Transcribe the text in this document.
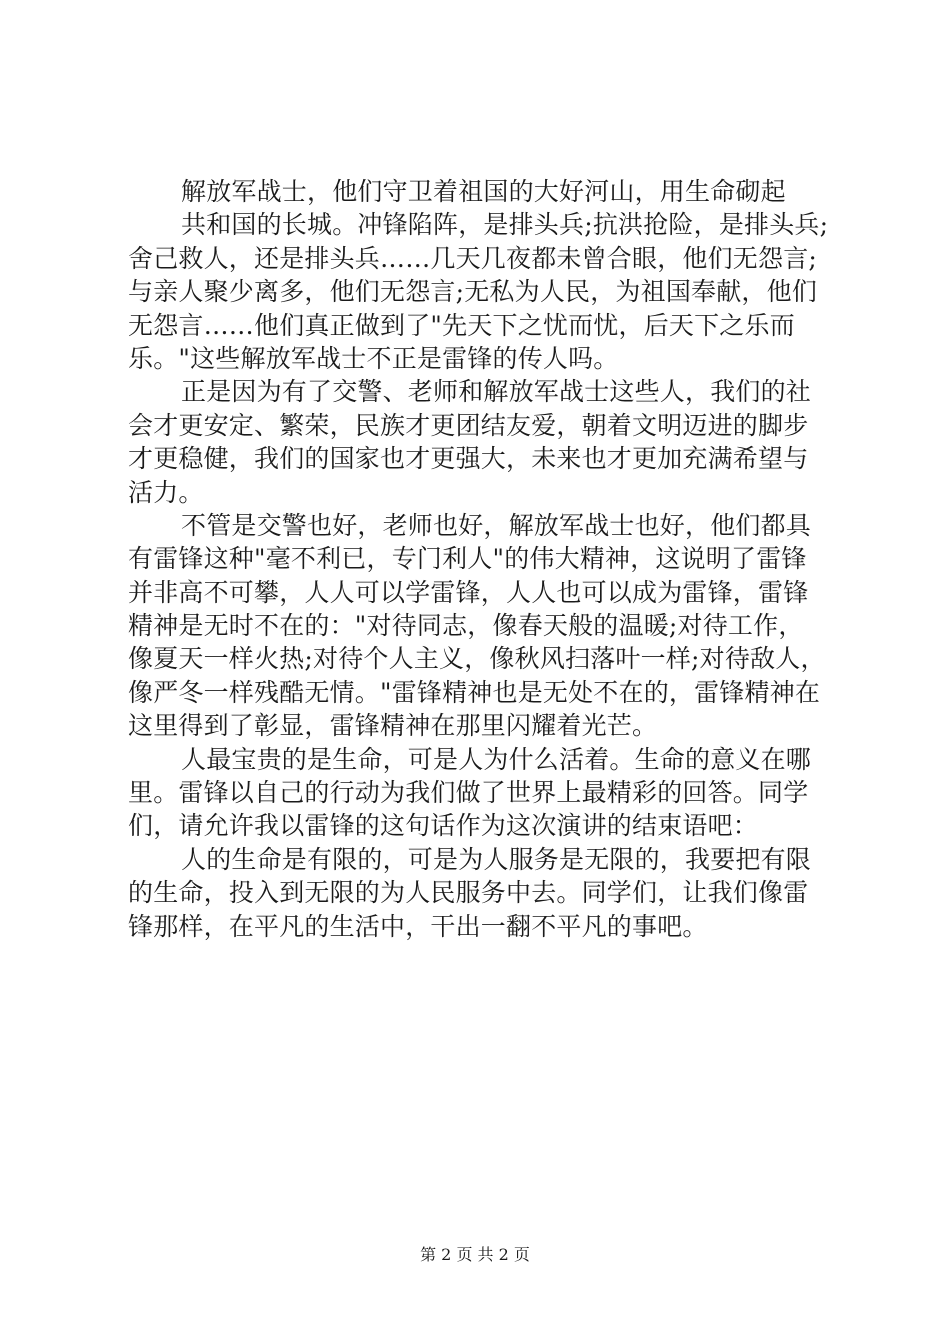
解放军战士，他们守卫着祖国的大好河山，用生命砌起
共和国的长城。冲锋陷阵，是排头兵;抗洪抢险，是排头兵;
舍己救人，还是排头兵……几天几夜都未曾合眼，他们无怨言;
与亲人聚少离多，他们无怨言;无私为人民，为祖国奉献，他们
无怨言……他们真正做到了"先天下之忧而忧，后天下之乐而
乐。"这些解放军战士不正是雷锋的传人吗。
正是因为有了交警、老师和解放军战士这些人，我们的社
会才更安定、繁荣，民族才更团结友爱，朝着文明迈进的脚步
才更稳健，我们的国家也才更强大，未来也才更加充满希望与
活力。
不管是交警也好，老师也好，解放军战士也好，他们都具
有雷锋这种"毫不利已，专门利人"的伟大精神，这说明了雷锋
并非高不可攀，人人可以学雷锋，人人也可以成为雷锋，雷锋
精神是无时不在的："对待同志，像春天般的温暖;对待工作，
像夏天一样火热;对待个人主义，像秋风扫落叶一样;对待敌人，
像严冬一样残酷无情。"雷锋精神也是无处不在的，雷锋精神在
这里得到了彰显，雷锋精神在那里闪耀着光芒。
人最宝贵的是生命，可是人为什么活着。生命的意义在哪
里。雷锋以自己的行动为我们做了世界上最精彩的回答。同学
们，请允许我以雷锋的这句话作为这次演讲的结束语吧：
人的生命是有限的，可是为人服务是无限的，我要把有限
的生命，投入到无限的为人民服务中去。同学们，让我们像雷
锋那样，在平凡的生活中，干出一翻不平凡的事吧。
第 2 页 共 2 页
